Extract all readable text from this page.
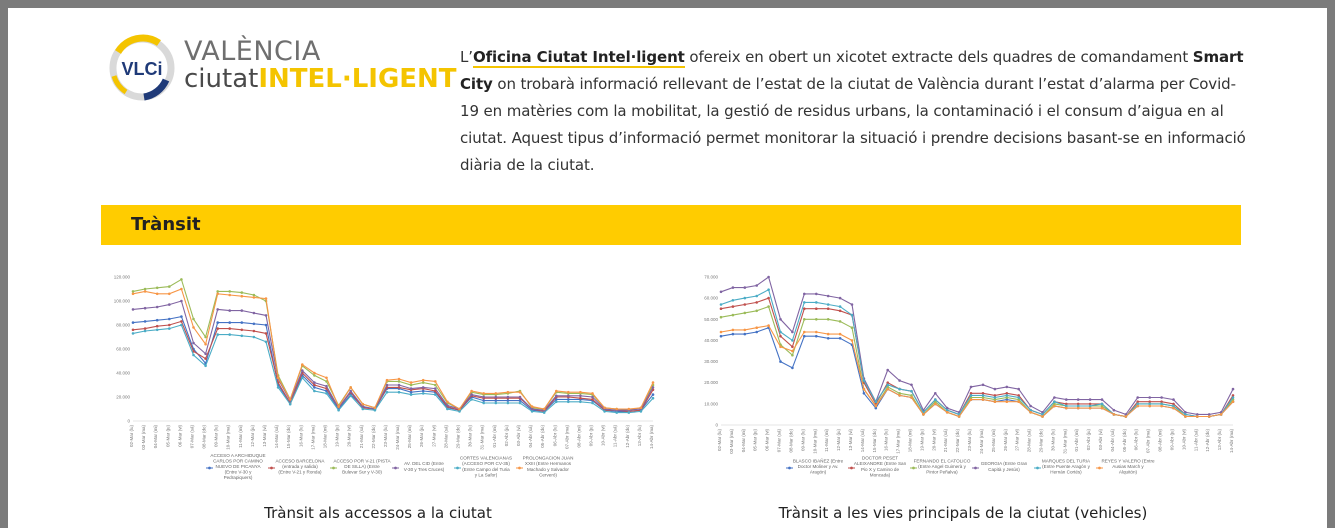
VLCi
VALÈNCIA
ciutatINTEL·LIGENT
L’Oficina Ciutat Intel·ligent ofereix en obert un xicotet extracte dels quadres de comandament Smart City on trobarà informació rellevant de l’estat de la ciutat de València durant l’estat d’alarma per Covid-19 en matèries com la mobilitat, la gestió de residus urbans, la contaminació i el consum d’aigua en al ciutat. Aquest tipus d’informació permet monitorar la situació i prendre decisions basant-se en informació diària de la ciutat.
Trànsit
0
20.000
40.000
60.000
80.000
100.000
120.000
02-Mar (lu) 03-Mar (ma) 04-Mar (mi) 05-Mar (ju) 06-Mar (vi) 07-Mar (sá) 08-Mar (do) 09-Mar (lu) 10-Mar (ma) 11-Mar (mi) 12-Mar (ju) 13-Mar (vi) 14-Mar (sá) 15-Mar (do) 16-Mar (lu) 17-Mar (ma) 18-Mar (mi) 19-Mar (ju) 20-Mar (vi) 21-Mar (sá) 22-Mar (do) 23-Mar (lu) 24-Mar (ma) 25-Mar (mi) 26-Mar (ju) 27-Mar (vi) 28-Mar (sá) 29-Mar (do) 30-Mar (lu) 31-Mar (ma) 01-Abr (mi) 02-Abr (ju) 03-Abr (vi) 04-Abr (sá) 05-Abr (do) 06-Abr (lu) 07-Abr (ma) 08-Abr (mi) 09-Abr (ju) 10-Abr (vi) 11-Abr (sá) 12-Abr (do) 13-Abr (lu) 14-Abr (ma)
ACCESO A ARCHIDUQUE CARLOS POR CAMINO NUEVO DE PICANYA (Entre V-30 y Pedrapiquers)
ACCESO BARCELONA (entrada y salida) (Entre V-21 y Ronda)
ACCESO POR V-21 (PISTA DE SILLA) (Entre Bulevar Sur y V-30)
AV. DEL CID (Entre V-30 y Tres Cruces)
CORTES VALENCIANAS (ACCESO POR CV-35) (Entre Campo del Turia y La Safor)
PROLONGACION JUAN XXIII (Entre Hermanos Machado y Salvador Cerveró)
0
10.000
20.000
30.000
40.000
50.000
60.000
70.000
02-Mar (lu) 03-Mar (ma) 04-Mar (mi) 05-Mar (ju) 06-Mar (vi) 07-Mar (sá) 08-Mar (do) 09-Mar (lu) 10-Mar (ma) 11-Mar (mi) 12-Mar (ju) 13-Mar (vi) 14-Mar (sá) 15-Mar (do) 16-Mar (lu) 17-Mar (ma) 18-Mar (mi) 19-Mar (ju) 20-Mar (vi) 21-Mar (sá) 22-Mar (do) 23-Mar (lu) 24-Mar (ma) 25-Mar (mi) 26-Mar (ju) 27-Mar (vi) 28-Mar (sá) 29-Mar (do) 30-Mar (lu) 31-Mar (ma) 01-Abr (mi) 02-Abr (ju) 03-Abr (vi) 04-Abr (sá) 05-Abr (do) 06-Abr (lu) 07-Abr (ma) 08-Abr (mi) 09-Abr (ju) 10-Abr (vi) 11-Abr (sá) 12-Abr (do) 13-Abr (lu) 14-Abr (ma)
BLASCO IBAÑEZ (Entre Doctor Moliner y Av. Aragón)
DOCTOR PESET ALEIXANDRE (Entre San Pio X y Camino de Moncada)
FERNANDO EL CATOLICO (Entre Angel Guimerà y Pintor Peñalva)
GEORGIA (Entre Gran Capità y Jesús)
MARQUES DEL TURIA (Entre Puente Aragón y Hernán Cortés)
REYES Y VALERO (Entre Ausias March y Alquitón)
Trànsit als accessos a la ciutat	Trànsit a les vies principals de la ciutat (vehicles)
